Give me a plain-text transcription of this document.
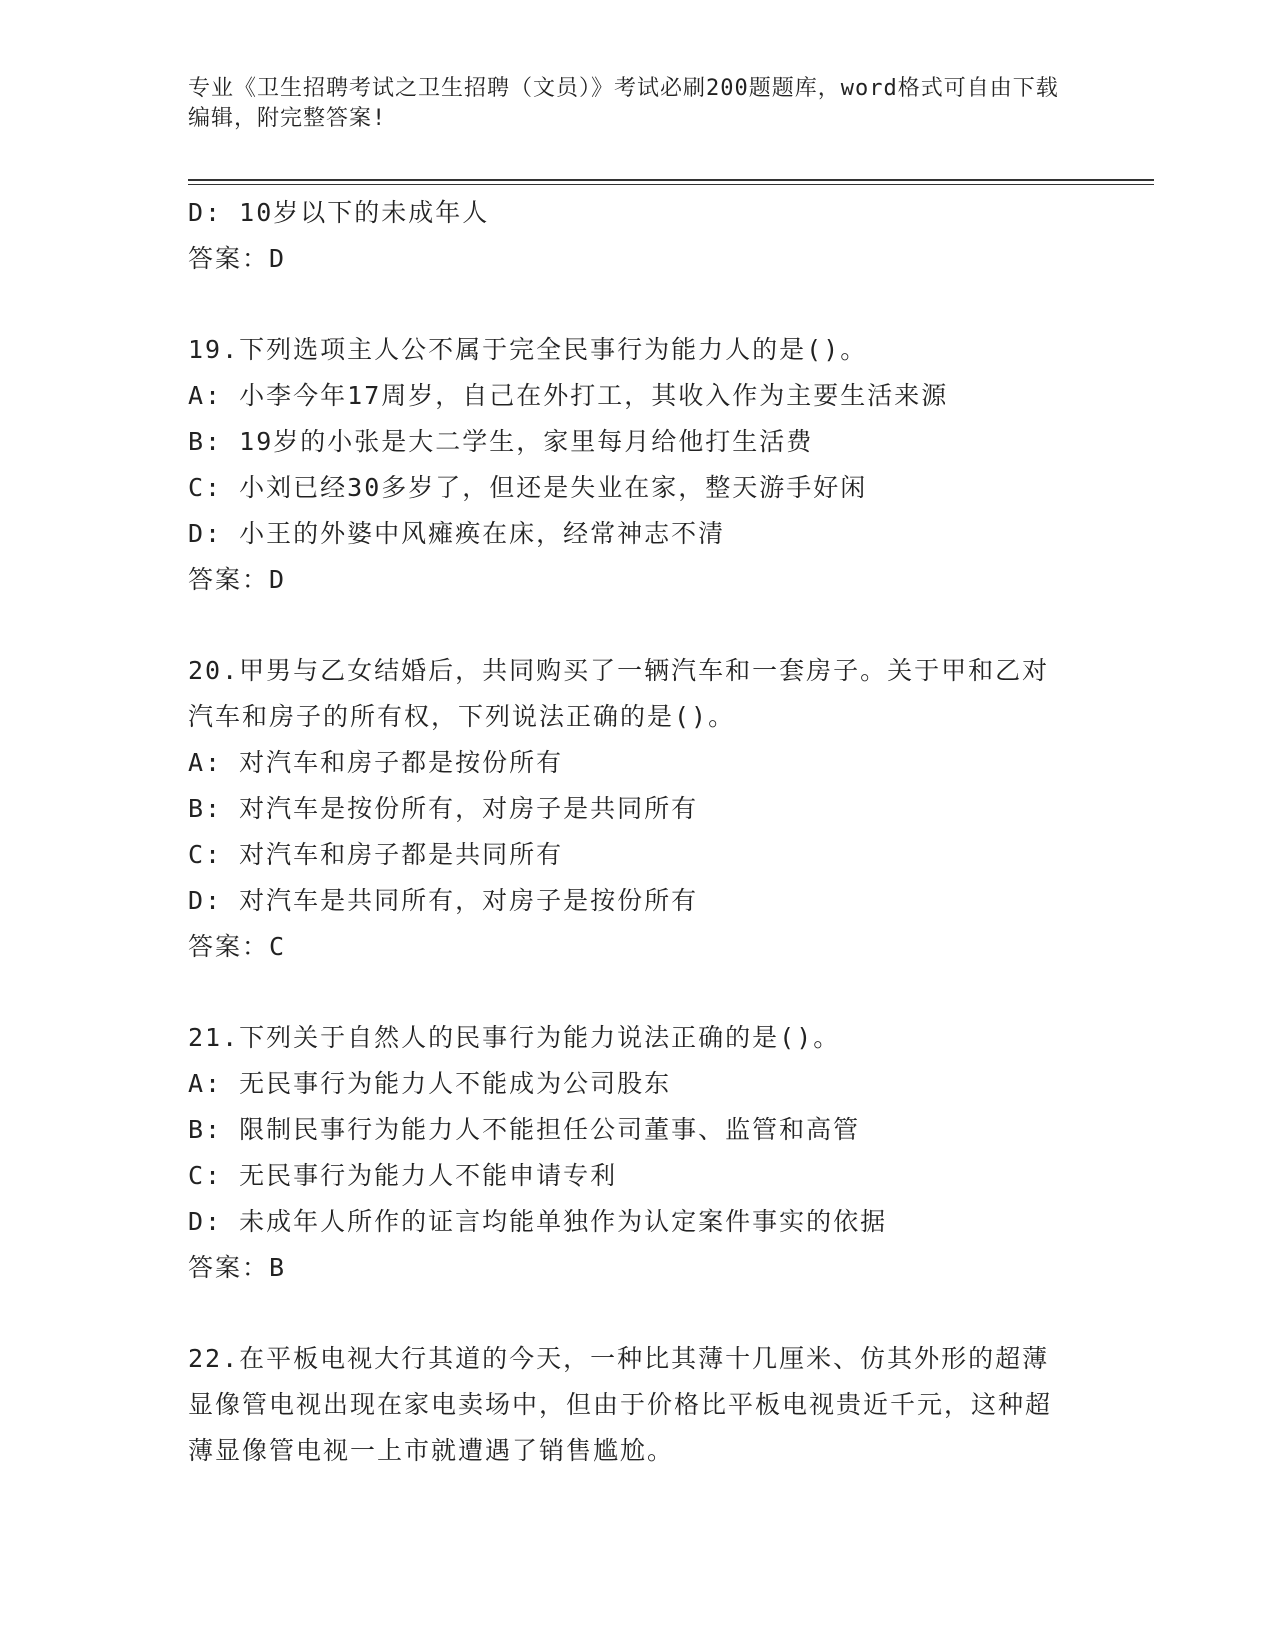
专业《卫生招聘考试之卫生招聘（文员）》考试必刷200题题库，word格式可自由下载编辑，附完整答案!
D: 10岁以下的未成年人
答案：D
19.下列选项主人公不属于完全民事行为能力人的是()。
A: 小李今年17周岁，自己在外打工，其收入作为主要生活来源
B: 19岁的小张是大二学生，家里每月给他打生活费
C: 小刘已经30多岁了，但还是失业在家，整天游手好闲
D: 小王的外婆中风瘫痪在床，经常神志不清
答案：D
20.甲男与乙女结婚后，共同购买了一辆汽车和一套房子。关于甲和乙对汽车和房子的所有权，下列说法正确的是()。
A: 对汽车和房子都是按份所有
B: 对汽车是按份所有，对房子是共同所有
C: 对汽车和房子都是共同所有
D: 对汽车是共同所有，对房子是按份所有
答案：C
21.下列关于自然人的民事行为能力说法正确的是()。
A: 无民事行为能力人不能成为公司股东
B: 限制民事行为能力人不能担任公司董事、监管和高管
C: 无民事行为能力人不能申请专利
D: 未成年人所作的证言均能单独作为认定案件事实的依据
答案：B
22.在平板电视大行其道的今天，一种比其薄十几厘米、仿其外形的超薄显像管电视出现在家电卖场中，但由于价格比平板电视贵近千元，这种超薄显像管电视一上市就遭遇了销售尴尬。
